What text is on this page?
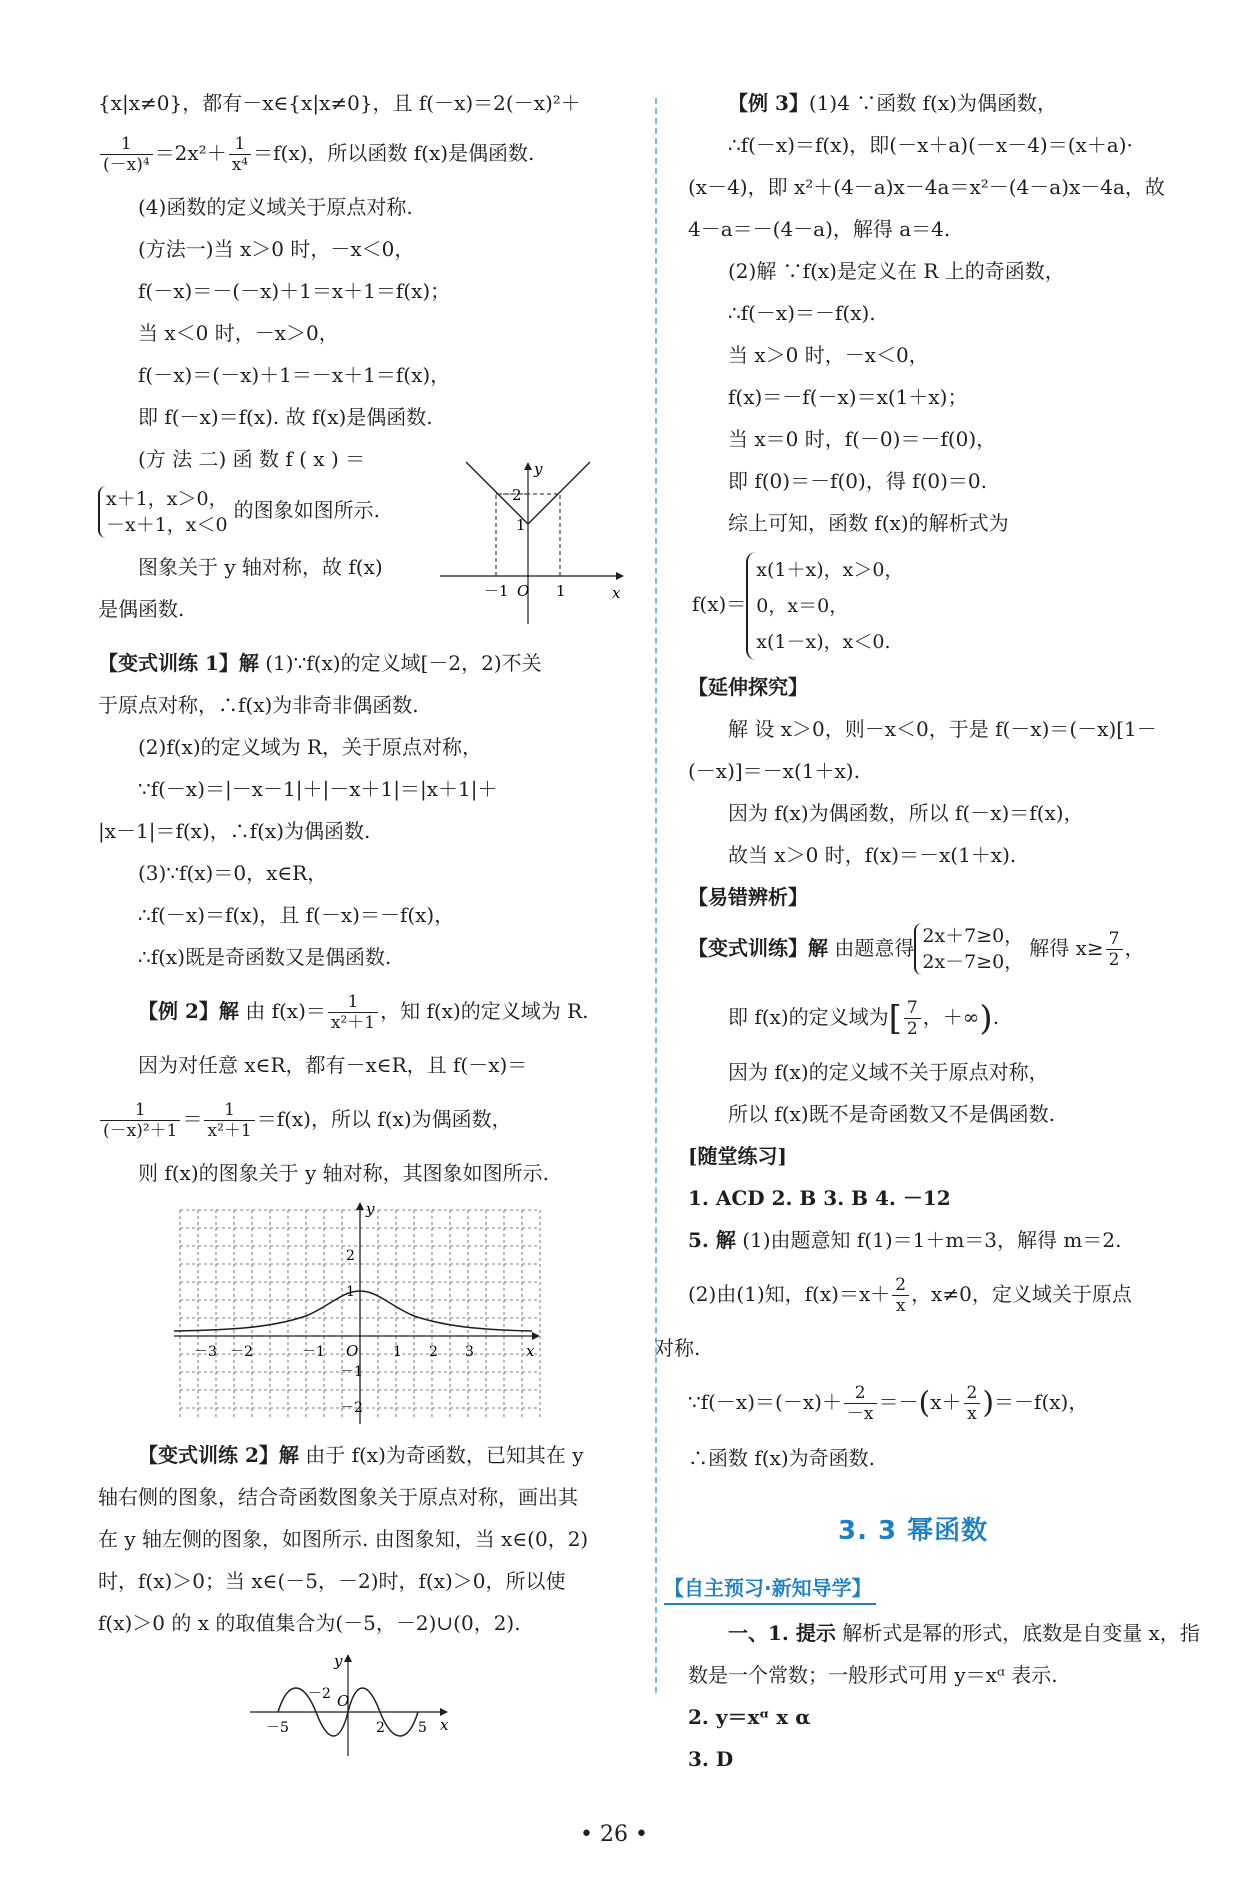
{x|x≠0}，都有－x∈{x|x≠0}，且 f(－x)＝2(－x)²＋
$\frac{1}{\text{(－x)⁴}} =2x^2+ \frac{1}{\text{x⁴}} =f(x)$，所以函数 f(x)是偶函数.
(4)函数的定义域关于原点对称.
(方法一)当 x＞0 时，－x＜0，
f(－x)＝－(－x)＋1＝x＋1＝f(x)；
当 x＜0 时，－x＞0，
f(－x)＝(－x)＋1＝－x＋1＝f(x)，
即 f(－x)＝f(x). 故 f(x)是偶函数.
(方 法 二) 函 数 f ( x ) ＝
x＋1，x＞0，
－x＋1，x＜0
的图象如图所示.
图象关于 y 轴对称，故 f(x)
是偶函数.
y
x
O
－1	1
1
2
【变式训练 1】解 (1)∵f(x)的定义域[－2，2)不关
于原点对称，∴f(x)为非奇非偶函数.
(2)f(x)的定义域为 R，关于原点对称，
∵f(－x)＝|－x－1|＋|－x＋1|＝|x＋1|＋
|x－1|＝f(x)，∴f(x)为偶函数.
(3)∵f(x)＝0，x∈R，
∴f(－x)＝f(x)，且 f(－x)＝－f(x)，
∴f(x)既是奇函数又是偶函数.
【例 2】解 由 $f(x)= \frac{1}{\text{x²＋1}}$ ，知 f(x)的定义域为 R.
因为对任意 x∈R，都有－x∈R，且 f(－x)＝
$\frac{1}{\text{(－x)²＋1}} = \frac{1}{\text{x²＋1}} =f(x)$，所以 f(x)为偶函数，
则 f(x)的图象关于 y 轴对称，其图象如图所示.
y
x
O
－3 －2	－1	1 2 3
2
1
－1
－2
【变式训练 2】解 由于 f(x)为奇函数，已知其在 y
轴右侧的图象，结合奇函数图象关于原点对称，画出其
在 y 轴左侧的图象，如图所示. 由图象知，当 x∈(0，2)
时，f(x)＞0；当 x∈(－5，－2)时，f(x)＞0，所以使
f(x)＞0 的 x 的取值集合为(－5，－2)∪(0，2).
y
x
O
－5
－2
2 5
【例 3】(1)4 ∵函数 f(x)为偶函数，
∴f(－x)＝f(x)，即(－x＋a)(－x－4)＝(x＋a)·
(x－4)，即 x²＋(4－a)x－4a＝x²－(4－a)x－4a，故
4－a＝－(4－a)，解得 a＝4.
(2)解 ∵f(x)是定义在 R 上的奇函数，
∴f(－x)＝－f(x).
当 x＞0 时，－x＜0，
f(x)＝－f(－x)＝x(1＋x)；
当 x＝0 时，f(－0)＝－f(0)，
即 f(0)＝－f(0)，得 f(0)＝0.
综上可知，函数 f(x)的解析式为
f(x)＝
x(1＋x)，x＞0，
0，x＝0，
x(1－x)，x＜0.
【延伸探究】
解 设 x＞0，则－x＜0，于是 f(－x)＝(－x)[1－
(－x)]＝－x(1＋x).
因为 f(x)为偶函数，所以 f(－x)＝f(x)，
故当 x＞0 时，f(x)＝－x(1＋x).
【易错辨析】
【变式训练】解 由题意得 2x＋7≥0，
2x－7≥0，
解得 $x\ge \frac{7}{2}$ ，
即 f(x)的定义域为[ $\frac{7}{2}$ ，＋∞).
因为 f(x)的定义域不关于原点对称，
所以 f(x)既不是奇函数又不是偶函数.
[随堂练习]
1. ACD 2. B 3. B 4. －12
5. 解 (1)由题意知 f(1)＝1＋m＝3，解得 m＝2.
(2)由(1)知，$f(x)=x+ \frac{2}{x}$ ，x≠0，定义域关于原点
对称.
∵f(－x)＝(－x)＋ $\frac{2}{-x} =-(x+ \frac{2}{x} )=-f(x)$，
∴函数 f(x)为奇函数.
3. 3 幂函数
【自主预习·新知导学】
一、1. 提示 解析式是幂的形式，底数是自变量 x，指
数是一个常数；一般形式可用 y＝xᵅ 表示.
2. y＝xᵅ x α
3. D
• 26 •
